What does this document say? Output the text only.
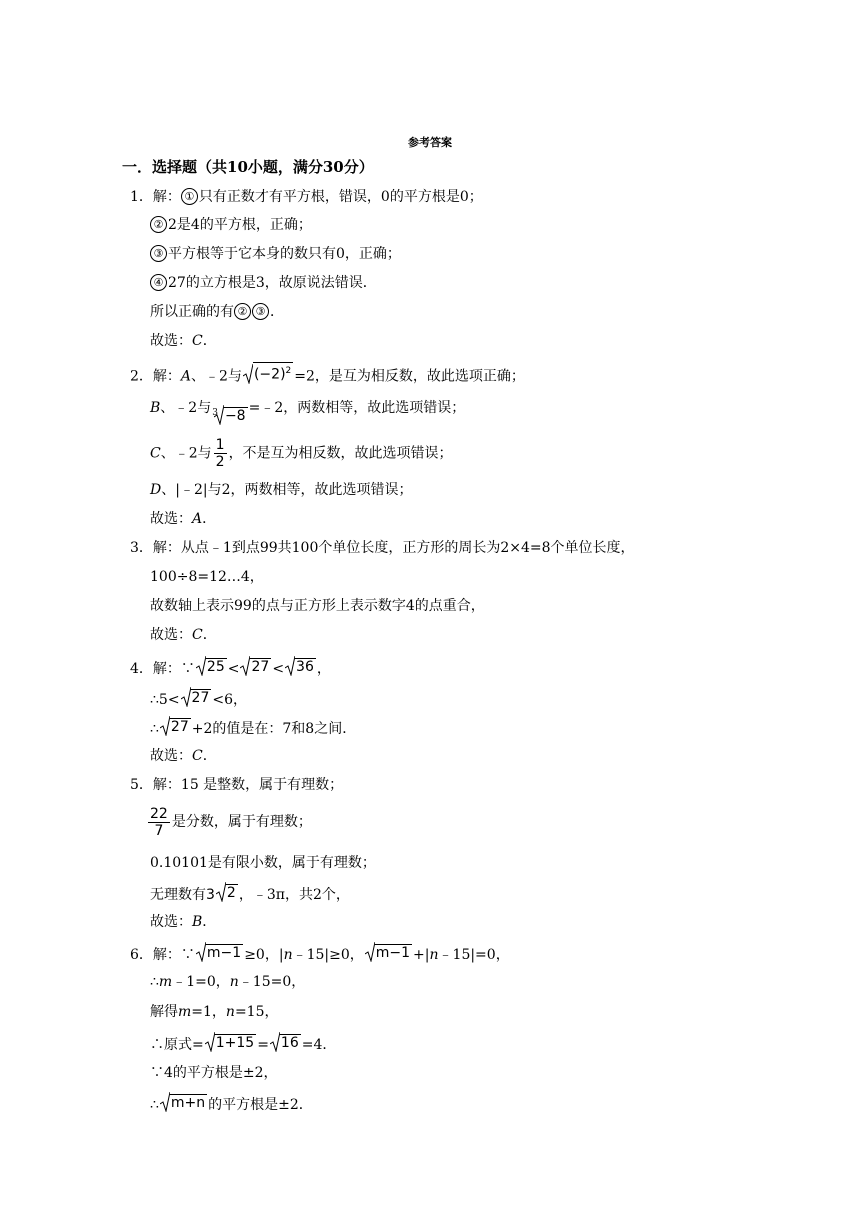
参考答案
一．选择题（共10小题，满分30分）
1．解： ① 只有正数才有平方根，错误，0的平方根是0；
② 2是4的平方根，正确；
③ 平方根等于它本身的数只有0，正确；
④ 27的立方根是3，故原说法错误．
所以正确的有 ② ③ ．
故选：C．
2．解：A、﹣2与 $(-2)^2 =2$，是互为相反数，故此选项正确；
B、﹣2与 3 −8 =﹣2，两数相等，故此选项错误；
C、﹣2与 $\frac{1}{2}$ ，不是互为相反数，故此选项错误；
D、|﹣2|与2，两数相等，故此选项错误；
故选：A．
3．解：从点﹣1到点99共100个单位长度，正方形的周长为2×4=8个单位长度，
100÷8=12…4，
故数轴上表示99的点与正方形上表示数字4的点重合，
故选：C．
4．解：∵ 25 < 27 < 36 ，
∴5< 27 <6，
∴ 27 +2的值是在：7和8之间．
故选：C．
5．解：15 是整数，属于有理数；
$\frac{22}{7}$ 是分数，属于有理数；
0.10101是有限小数，属于有理数；
无理数有3 2 ，﹣3π，共2个，
故选：B．
6．解：∵ m−1 ≥0，|n﹣15|≥0， m−1 +|n﹣15|=0，
∴m﹣1=0，n﹣15=0，
解得m=1，n=15，
∴原式= 1+15 = 16 =4．
∵4的平方根是±2，
∴ m+n 的平方根是±2．
